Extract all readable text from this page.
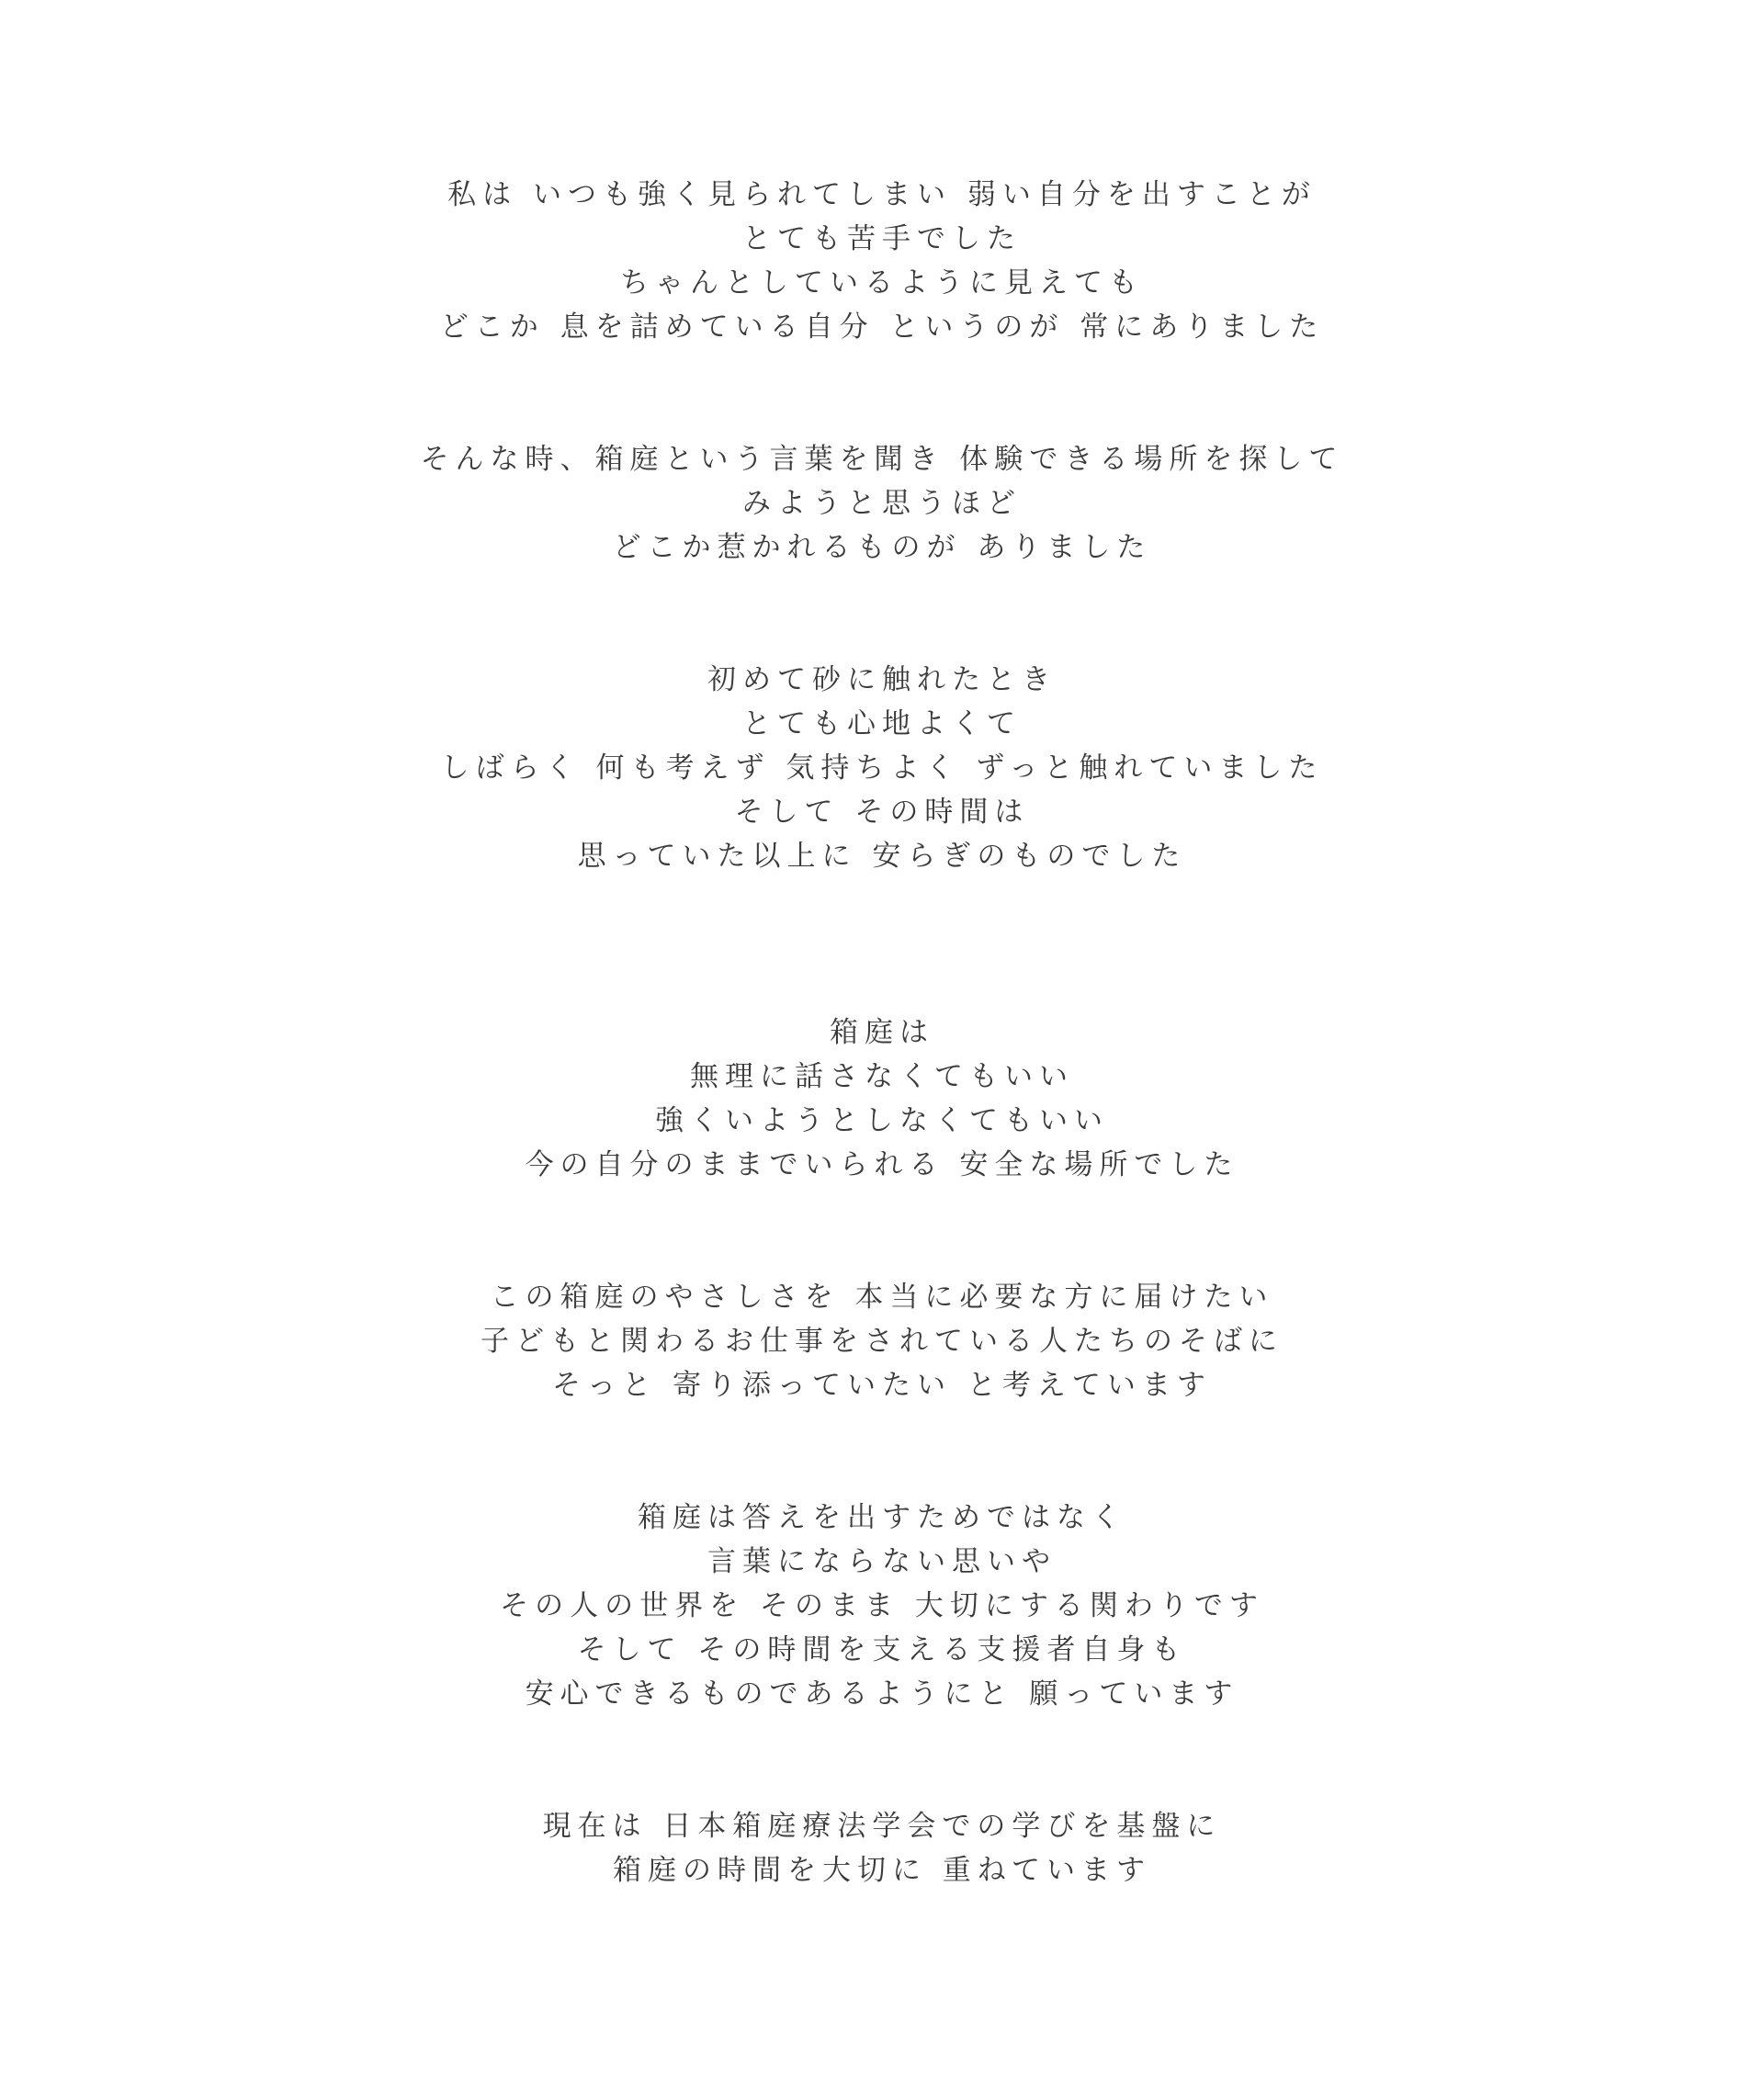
私は いつも強く見られてしまい 弱い自分を出すことが
とても苦手でした
ちゃんとしているように見えても
どこか 息を詰めている自分 というのが 常にありました

そんな時、箱庭という言葉を聞き 体験できる場所を探して
みようと思うほど
どこか惹かれるものが ありました

初めて砂に触れたとき
とても心地よくて
しばらく 何も考えず 気持ちよく ずっと触れていました
そして その時間は
思っていた以上に 安らぎのものでした

箱庭は
無理に話さなくてもいい
強くいようとしなくてもいい
今の自分のままでいられる 安全な場所でした

この箱庭のやさしさを 本当に必要な方に届けたい
子どもと関わるお仕事をされている人たちのそばに
そっと 寄り添っていたい と考えています

箱庭は答えを出すためではなく
言葉にならない思いや
その人の世界を そのまま 大切にする関わりです
そして その時間を支える支援者自身も
安心できるものであるようにと 願っています

現在は 日本箱庭療法学会での学びを基盤に
箱庭の時間を大切に 重ねています
